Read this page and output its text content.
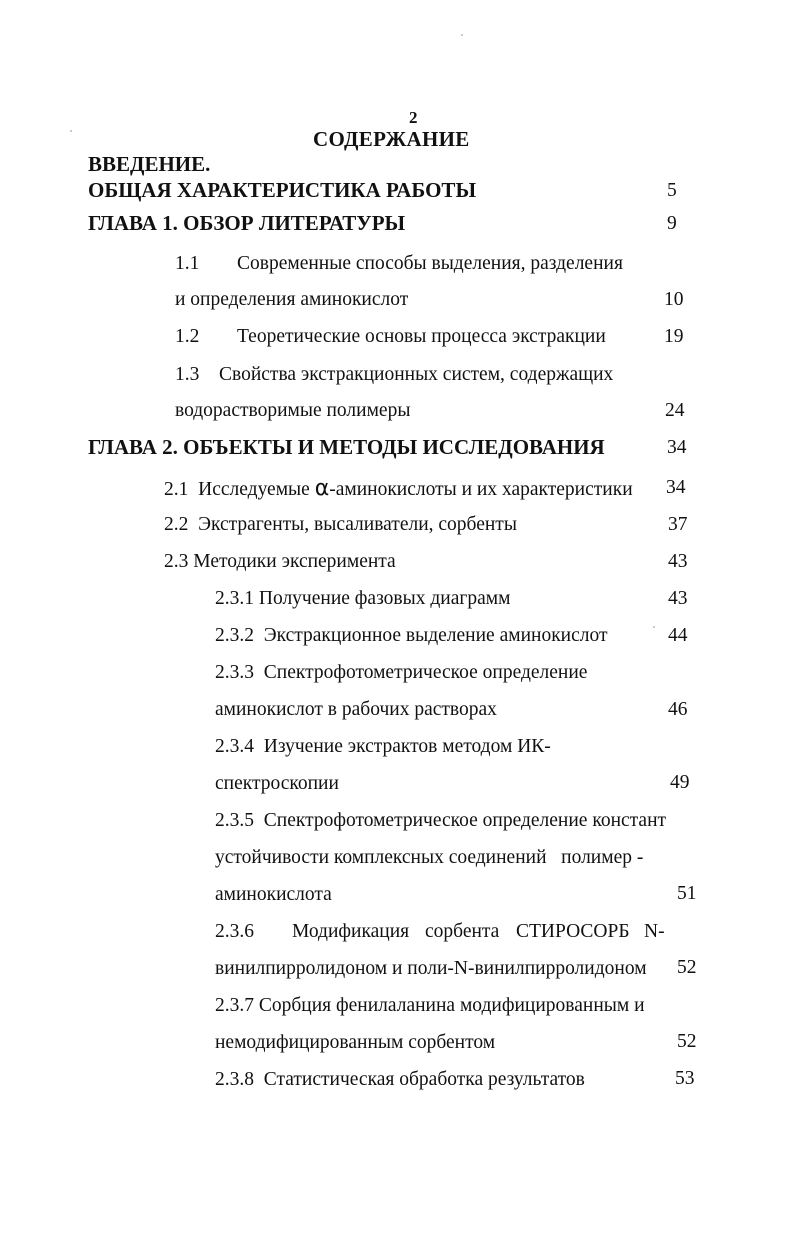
2
СОДЕРЖАНИЕ
ВВЕДЕНИЕ.
ОБЩАЯ ХАРАКТЕРИСТИКА РАБОТЫ	5
ГЛАВА 1. ОБЗОР ЛИТЕРАТУРЫ	9
1.1 Современные способы выделения, разделения
и определения аминокислот	10
1.2 Теоретические основы процесса экстракции	19
1.3 Свойства экстракционных систем, содержащих
водорастворимые полимеры	24
ГЛАВА 2. ОБЪЕКТЫ И МЕТОДЫ ИССЛЕДОВАНИЯ	34
2.1  Исследуемые α-аминокислоты и их характеристики 34
2.2  Экстрагенты, высаливатели, сорбенты	37
2.3 Методики эксперимента	43
2.3.1 Получение фазовых диаграмм	43
2.3.2  Экстракционное выделение аминокислот	44
2.3.3  Спектрофотометрическое определение
аминокислот в рабочих растворах	46
2.3.4  Изучение экстрактов методом ИК-
спектроскопии	49
2.3.5  Спектрофотометрическое определение констант
устойчивости комплексных соединений   полимер -
аминокислота	51
2.3.6 Модификация сорбента СТИРОСОРБ N-
винилпирролидоном и поли-N-винилпирролидоном 52
2.3.7 Сорбция фенилаланина модифицированным и
немодифицированным сорбентом	52
2.3.8  Статистическая обработка результатов	53
